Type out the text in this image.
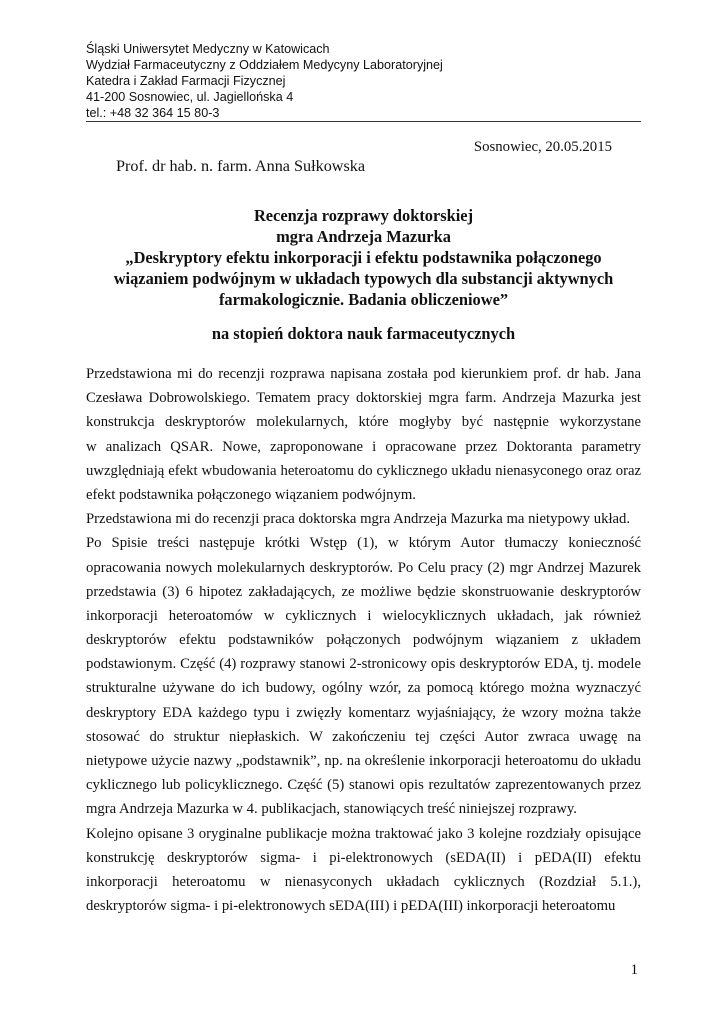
Śląski Uniwersytet Medyczny w Katowicach
Wydział Farmaceutyczny z Oddziałem Medycyny Laboratoryjnej
Katedra i Zakład Farmacji Fizycznej
41-200 Sosnowiec, ul. Jagiellońska 4
tel.: +48 32 364 15 80-3
Sosnowiec, 20.05.2015
Prof. dr hab. n. farm. Anna Sułkowska
Recenzja rozprawy doktorskiej
mgra Andrzeja Mazurka
„Deskryptory efektu inkorporacji i efektu podstawnika połączonego
wiązaniem podwójnym w układach typowych dla substancji aktywnych
farmakologicznie. Badania obliczeniowe”
na stopień doktora nauk farmaceutycznych
Przedstawiona mi do recenzji rozprawa napisana została pod kierunkiem prof. dr hab. Jana
Czesława Dobrowolskiego. Tematem pracy doktorskiej mgra farm. Andrzeja Mazurka jest
konstrukcja deskryptorów molekularnych, które mogłyby być następnie wykorzystane
w analizach QSAR. Nowe, zaproponowane i opracowane przez Doktoranta parametry
uwzględniają efekt wbudowania heteroatomu do cyklicznego układu nienasyconego oraz oraz
efekt podstawnika połączonego wiązaniem podwójnym.
Przedstawiona mi do recenzji praca doktorska mgra Andrzeja Mazurka ma nietypowy układ.
Po Spisie treści następuje krótki Wstęp (1), w którym Autor tłumaczy konieczność
opracowania nowych molekularnych deskryptorów. Po Celu pracy (2) mgr Andrzej Mazurek
przedstawia (3) 6 hipotez zakładających, ze możliwe będzie skonstruowanie deskryptorów
inkorporacji heteroatomów w cyklicznych i wielocyklicznych układach, jak również
deskryptorów efektu podstawników połączonych podwójnym wiązaniem z układem
podstawionym. Część (4) rozprawy stanowi 2-stronicowy opis deskryptorów EDA, tj. modele
strukturalne używane do ich budowy, ogólny wzór, za pomocą którego można wyznaczyć
deskryptory EDA każdego typu i zwięzły komentarz wyjaśniający, że wzory można także
stosować do struktur niepłaskich. W zakończeniu tej części Autor zwraca uwagę na
nietypowe użycie nazwy „podstawnik”, np. na określenie inkorporacji heteroatomu do układu
cyklicznego lub policyklicznego. Część (5) stanowi opis rezultatów zaprezentowanych przez
mgra Andrzeja Mazurka w 4. publikacjach, stanowiących treść niniejszej rozprawy.
Kolejno opisane 3 oryginalne publikacje można traktować jako 3 kolejne rozdziały opisujące
konstrukcję deskryptorów sigma- i pi-elektronowych (sEDA(II) i pEDA(II) efektu
inkorporacji heteroatomu w nienasyconych układach cyklicznych (Rozdział 5.1.),
deskryptorów sigma- i pi-elektronowych sEDA(III) i pEDA(III) inkorporacji heteroatomu
1
